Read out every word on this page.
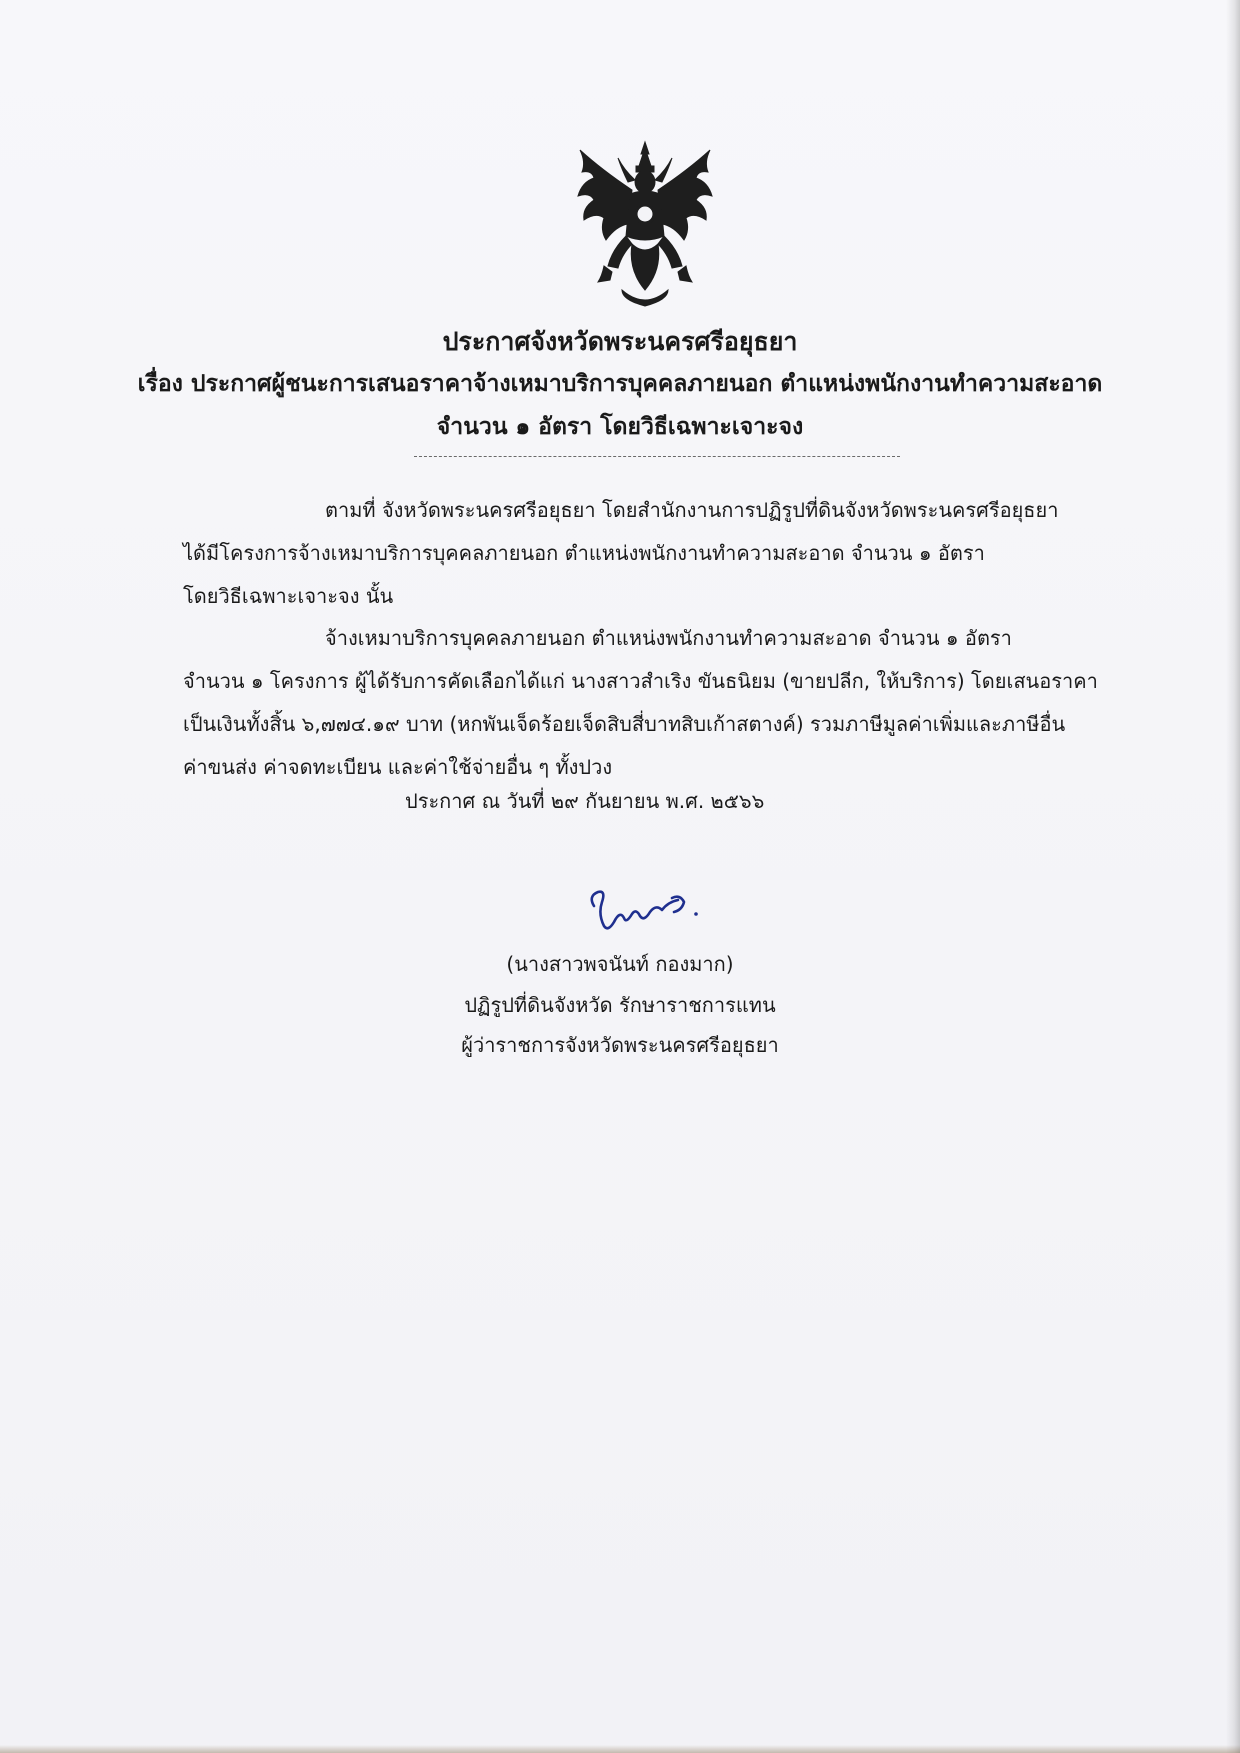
ประกาศจังหวัดพระนครศรีอยุธยา
เรื่อง ประกาศผู้ชนะการเสนอราคาจ้างเหมาบริการบุคคลภายนอก ตำแหน่งพนักงานทำความสะอาด
จำนวน ๑ อัตรา โดยวิธีเฉพาะเจาะจง
ตามที่ จังหวัดพระนครศรีอยุธยา โดยสำนักงานการปฏิรูปที่ดินจังหวัดพระนครศรีอยุธยา
ได้มีโครงการจ้างเหมาบริการบุคคลภายนอก ตำแหน่งพนักงานทำความสะอาด จำนวน ๑ อัตรา
โดยวิธีเฉพาะเจาะจง นั้น
จ้างเหมาบริการบุคคลภายนอก ตำแหน่งพนักงานทำความสะอาด จำนวน ๑ อัตรา
จำนวน ๑ โครงการ ผู้ได้รับการคัดเลือกได้แก่ นางสาวสำเริง ขันธนิยม (ขายปลีก, ให้บริการ) โดยเสนอราคา
เป็นเงินทั้งสิ้น ๖,๗๗๔.๑๙ บาท (หกพันเจ็ดร้อยเจ็ดสิบสี่บาทสิบเก้าสตางค์) รวมภาษีมูลค่าเพิ่มและภาษีอื่น
ค่าขนส่ง ค่าจดทะเบียน และค่าใช้จ่ายอื่น ๆ ทั้งปวง
ประกาศ ณ วันที่ ๒๙ กันยายน พ.ศ. ๒๕๖๖
(นางสาวพจนันท์ กองมาก)
ปฏิรูปที่ดินจังหวัด รักษาราชการแทน
ผู้ว่าราชการจังหวัดพระนครศรีอยุธยา
